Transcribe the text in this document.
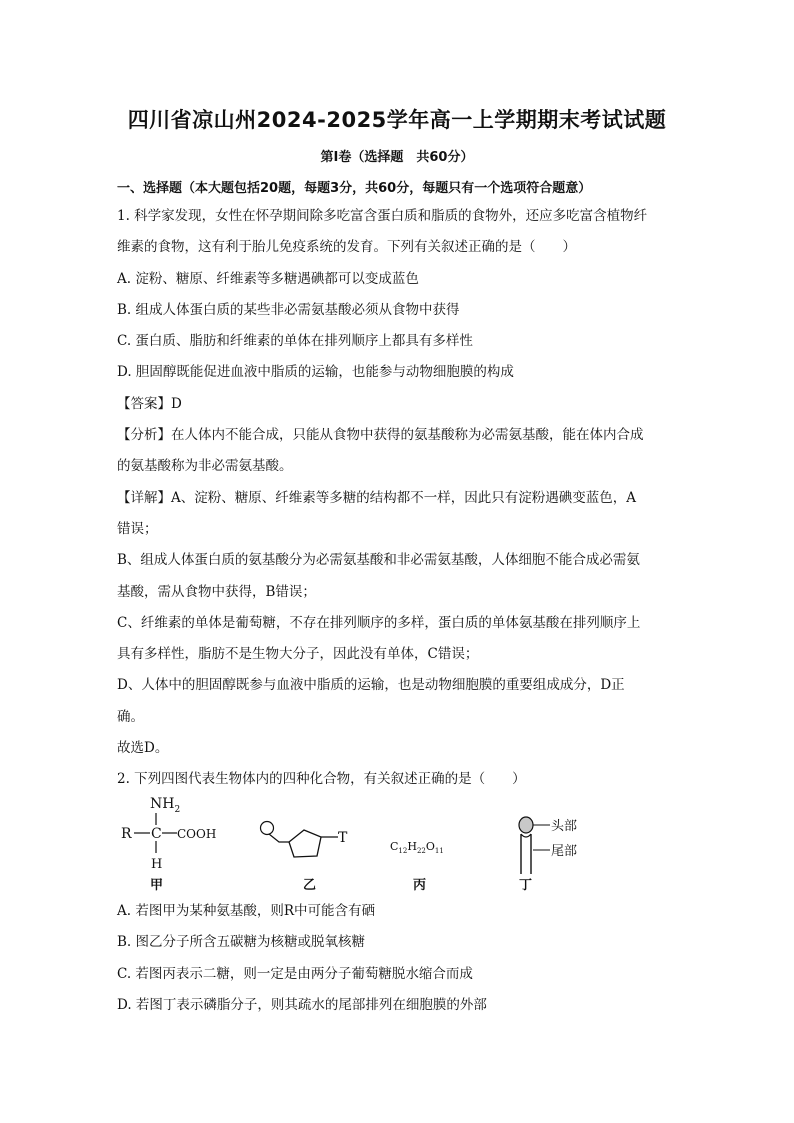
四川省凉山州2024-2025学年高一上学期期末考试试题
第Ⅰ卷（选择题　共60分）
一、选择题（本大题包括20题，每题3分，共60分，每题只有一个选项符合题意）
1. 科学家发现，女性在怀孕期间除多吃富含蛋白质和脂质的食物外，还应多吃富含植物纤
维素的食物，这有利于胎儿免疫系统的发育。下列有关叙述正确的是（　　）
A. 淀粉、糖原、纤维素等多糖遇碘都可以变成蓝色
B. 组成人体蛋白质的某些非必需氨基酸必须从食物中获得
C. 蛋白质、脂肪和纤维素的单体在排列顺序上都具有多样性
D. 胆固醇既能促进血液中脂质的运输，也能参与动物细胞膜的构成
【答案】D
【分析】在人体内不能合成，只能从食物中获得的氨基酸称为必需氨基酸，能在体内合成
的氨基酸称为非必需氨基酸。
【详解】A、淀粉、糖原、纤维素等多糖的结构都不一样，因此只有淀粉遇碘变蓝色，A
错误；
B、组成人体蛋白质的氨基酸分为必需氨基酸和非必需氨基酸，人体细胞不能合成必需氨
基酸，需从食物中获得，B错误；
C、纤维素的单体是葡萄糖，不存在排列顺序的多样，蛋白质的单体氨基酸在排列顺序上
具有多样性，脂肪不是生物大分子，因此没有单体，C错误；
D、人体中的胆固醇既参与血液中脂质的运输，也是动物细胞膜的重要组成成分，D正
确。
故选D。
2. 下列四图代表生物体内的四种化合物，有关叙述正确的是（　　）
$NH_2$
R C COOH
H
T
$C_{12}H_{22}O_{11}$
头部
尾部
甲	乙	丙	丁
A. 若图甲为某种氨基酸，则R中可能含有硒
B. 图乙分子所含五碳糖为核糖或脱氧核糖
C. 若图丙表示二糖，则一定是由两分子葡萄糖脱水缩合而成
D. 若图丁表示磷脂分子，则其疏水的尾部排列在细胞膜的外部
